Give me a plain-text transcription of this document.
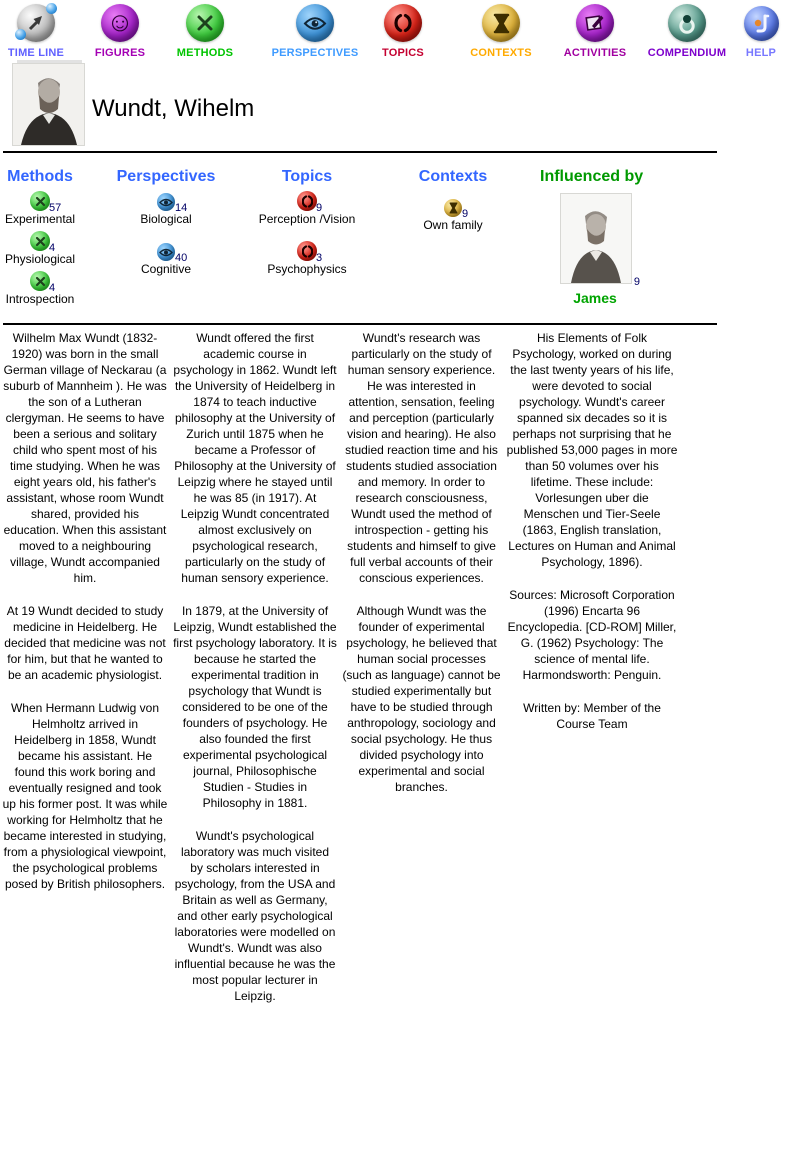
TIME LINE
☺
FIGURES	METHODS	PERSPECTIVES	TOPICS	CONTEXTS	ACTIVITIES	COMPENDIUM	HELP
Wundt, Wihelm
Methods
57
Experimental
4
Physiological
4
Introspection
Perspectives
14
Biological
40
Cognitive
Topics
9
Perception /Vision
3
Psychophysics
Contexts
9
Own family
Influenced by
9
James

Wilhelm Max Wundt (1832-1920) was born in the small German village of Neckarau (a suburb of Mannheim ). He was the son of a Lutheran clergyman. He seems to have been a serious and solitary child who spent most of his time studying. When he was eight years old, his father's assistant, whose room Wundt shared, provided his education. When this assistant moved to a neighbouring village, Wundt accompanied him.

At 19 Wundt decided to study medicine in Heidelberg. He decided that medicine was not for him, but that he wanted to be an academic physiologist.

When Hermann Ludwig von Helmholtz arrived in Heidelberg in 1858, Wundt became his assistant. He found this work boring and eventually resigned and took up his former post. It was while working for Helmholtz that he became interested in studying, from a physiological viewpoint, the psychological problems posed by British philosophers.

Wundt offered the first academic course in psychology in 1862. Wundt left the University of Heidelberg in 1874 to teach inductive philosophy at the University of Zurich until 1875 when he became a Professor of Philosophy at the University of Leipzig where he stayed until he was 85 (in 1917). At Leipzig Wundt concentrated almost exclusively on psychological research, particularly on the study of human sensory experience.

In 1879, at the University of Leipzig, Wundt established the first psychology laboratory. It is because he started the experimental tradition in psychology that Wundt is considered to be one of the founders of psychology. He also founded the first experimental psychological journal, Philosophische Studien - Studies in Philosophy in 1881.

Wundt's psychological laboratory was much visited by scholars interested in psychology, from the USA and Britain as well as Germany, and other early psychological laboratories were modelled on Wundt's. Wundt was also influential because he was the most popular lecturer in Leipzig.

Wundt's research was particularly on the study of human sensory experience. He was interested in attention, sensation, feeling and perception (particularly vision and hearing). He also studied reaction time and his students studied association and memory. In order to research consciousness, Wundt used the method of introspection - getting his students and himself to give full verbal accounts of their conscious experiences.

Although Wundt was the founder of experimental psychology, he believed that human social processes (such as language) cannot be studied experimentally but have to be studied through anthropology, sociology and social psychology. He thus divided psychology into experimental and social branches.

His Elements of Folk Psychology, worked on during the last twenty years of his life, were devoted to social psychology. Wundt's career spanned six decades so it is perhaps not surprising that he published 53,000 pages in more than 50 volumes over his lifetime. These include: Vorlesungen uber die Menschen und Tier-Seele (1863, English translation, Lectures on Human and Animal Psychology, 1896).

Sources: Microsoft Corporation (1996) Encarta 96 Encyclopedia. [CD-ROM] Miller, G. (1962) Psychology: The science of mental life. Harmondsworth: Penguin.

Written by: Member of the Course Team
